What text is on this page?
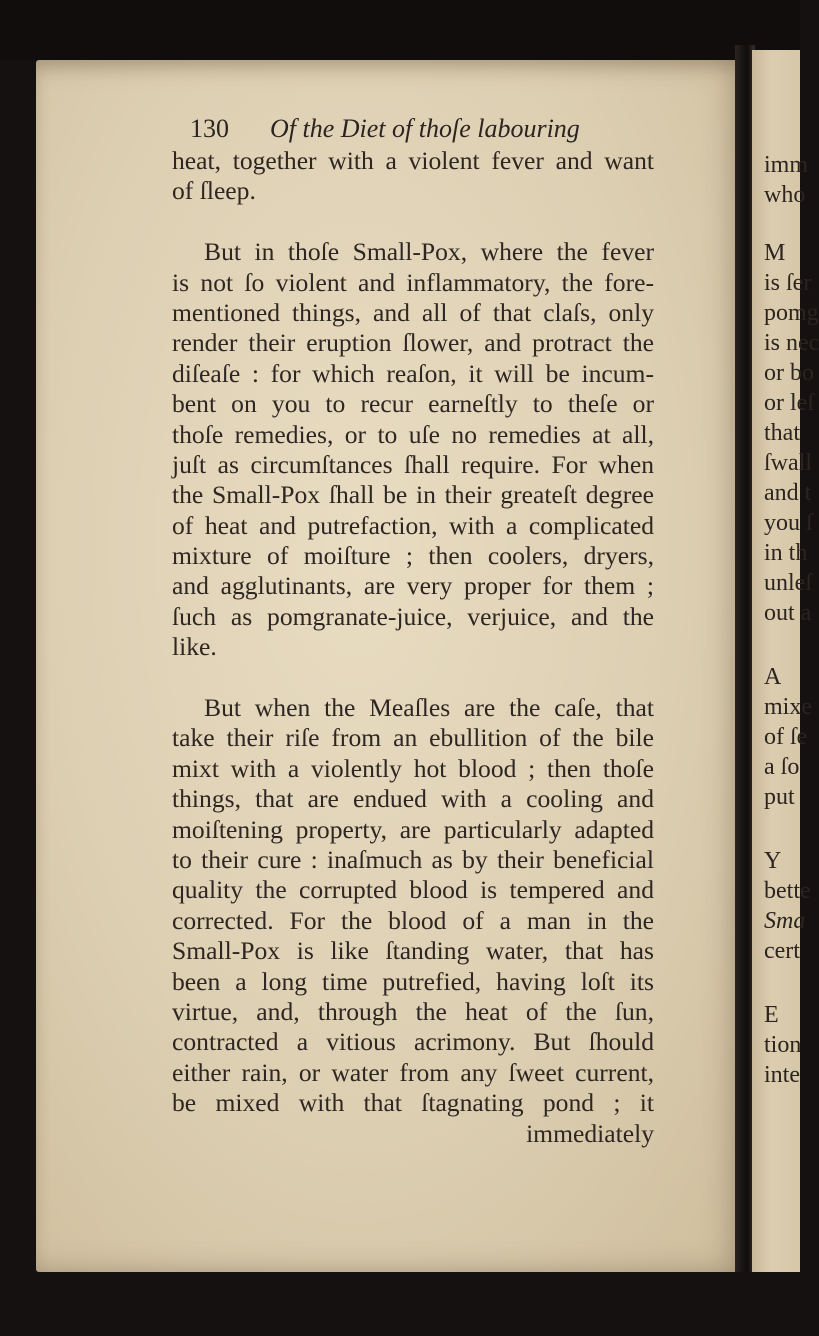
imm
who
M
is ſer
pomg
is nec
or bo
or leſ
that
ſwall
and t
you ſ
in th
unleſ
out a
A
mixe
of ſe
a ſo
put
Y
bette
Sma
cert
E
tion
inte
130 Of the Diet of thoſe labouring
heat, together with a violent fever and want
of ſleep.
But in thoſe Small-Pox, where the fever
is not ſo violent and inflammatory, the fore-
mentioned things, and all of that claſs, only
render their eruption ſlower, and protract the
diſeaſe : for which reaſon, it will be incum-
bent on you to recur earneſtly to theſe or
thoſe remedies, or to uſe no remedies at all,
juſt as circumſtances ſhall require. For when
the Small-Pox ſhall be in their greateſt degree
of heat and putrefaction, with a complicated
mixture of moiſture ; then coolers, dryers,
and agglutinants, are very proper for them ;
ſuch as pomgranate-juice, verjuice, and the
like.
But when the Meaſles are the caſe, that
take their riſe from an ebullition of the bile
mixt with a violently hot blood ; then thoſe
things, that are endued with a cooling and
moiſtening property, are particularly adapted
to their cure : inaſmuch as by their beneficial
quality the corrupted blood is tempered and
corrected. For the blood of a man in the
Small-Pox is like ſtanding water, that has
been a long time putrefied, having loſt its
virtue, and, through the heat of the ſun,
contracted a vitious acrimony. But ſhould
either rain, or water from any ſweet current,
be mixed with that ſtagnating pond ; it
immediately
